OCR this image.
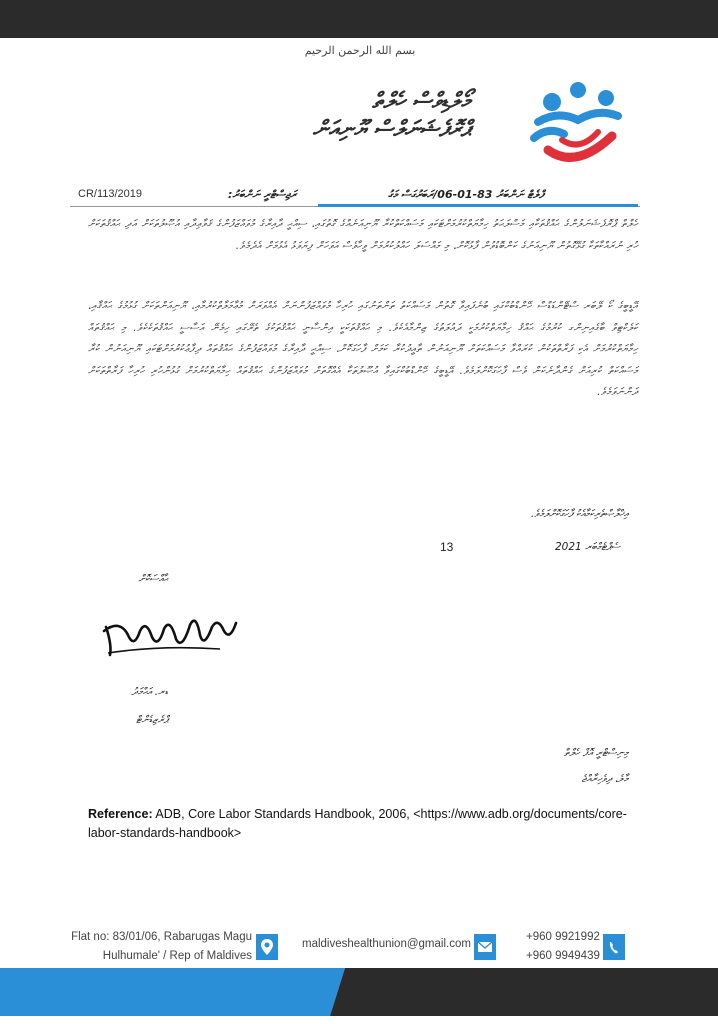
بسم الله الرحمن الرحيم
މޯލްޑިވްސް ހެލްތް
ޕްރޮފެޝަނަލްސް ޔޫނިއަން
CR/113/2019	ރަޖިސްޓްރީ ނަންބަރު:	ފްލެޓް ނަންބަރު 83-01-06/ރަބަރުގަސް މަގު
ހެލްތް ޕްރޮފެޝަނަލުންގެ ޙައްޤުތަކާއި މަސްލަޙަތު ހިމާޔަތްކުރުމަށްޓަކައި މަސައްކަތްކުރާ ޔޫނިއަނެއްގެ ގޮތުގައި، ސިއްޙީ ދާއިރާގެ މުވައްޒަފުންގެ ޤަވާޢިދާއި އުޞޫލުތަކަށް އަދި ޙައްޤުތަކަށް ހުރި ނުރައްކާތަކާ ގުޅޭގޮތުން ޔޫނިއަނުގެ ކަންބޮޑުވުން ފާޅުކޮށް، މި މައްސަލަ ހައްލުކުރުމަށް ވީހާވެސް އަވަހަށް ފިޔަވަޅު އެޅުމަށް އެދެމެވެ.
އޭޑީބީގެ ކޯ ލޭބަރ ސްޓޭންޑަޑްސް ހޭންޑްބުކްގައި ބުނެފައިވާ ގޮތުން މަސައްކަތު ތަންތަނުގައި ހުރިހާ މުވައްޒަފުންނަށް އެއްވަރަށް މުޢާމަލާތްކުރުމާއި، ޔޫނިއަންތަކަށް ގުޅުމުގެ ޙައްޤާއި، ކަލެކްޓިވް ބާގެއިނިންގ ކުރުމުގެ ޙައްޤު ހިމާޔަތްކުރުމަކީ ދައުލަތުގެ ޒިންމާއެކެވެ. މި ޙައްޤުތަކަކީ އިންސާނީ ޙައްޤުތަކުގެ ތެރޭގައި ހިމެނޭ އަސާސީ ޙައްޤުތަކެކެވެ. މި ޙައްޤުތައް ހިމާޔަތްކުރުމަށް އެކި ފަރާތްތަކުން ކުރައްވާ މަސައްކަތަށް ޔޫނިއަނުން ތާއީދުކުރާ ކަމަށް ފާހަގަކޮށް، ސިއްޙީ ދާއިރާގެ މުވައްޒަފުންގެ ޙައްޤުތައް ދިފާޢުކުރުމަށްޓަކައި ޔޫނިއަނުން ކުރާ މަސައްކަތް ކުރިއަށް ގެންދާނެކަން ވެސް ފާހަގަކޮށްލަމެވެ. އޭޑީބީގެ ހޭންޑްބުކްގައިވާ އުޞޫލުތަކާ އެއްގޮތަށް މުވައްޒަފުންގެ ޙައްޤުތައް ހިމާޔަތްކުރުމަށް ގުޅުންހުރި ހުރިހާ ފަރާތްތަކަށް ދަންނަވަމެވެ.
އިޚްލާޞްތެރިކަމާއެކު ފާހަގަކޮށްލަމެވެ.
13	ސެޕްޓެމްބަރ 2021
ޙާއްސަކޮށް
ޑރ. އަޙްމަދު
ޕްރެޒިޑެންޓް
މިނިސްޓްރީ އޮފް ހެލްތް
މާލެ، ދިވެހިރާއްޖެ
Reference: ADB, Core Labor Standards Handbook, 2006, <https://www.adb.org/documents/core-labor-standards-handbook>
Flat no: 83/01/06, Rabarugas Magu
Hulhumale' / Rep of Maldives
maldiveshealthunion@gmail.com
+960 9921992
+960 9949439
